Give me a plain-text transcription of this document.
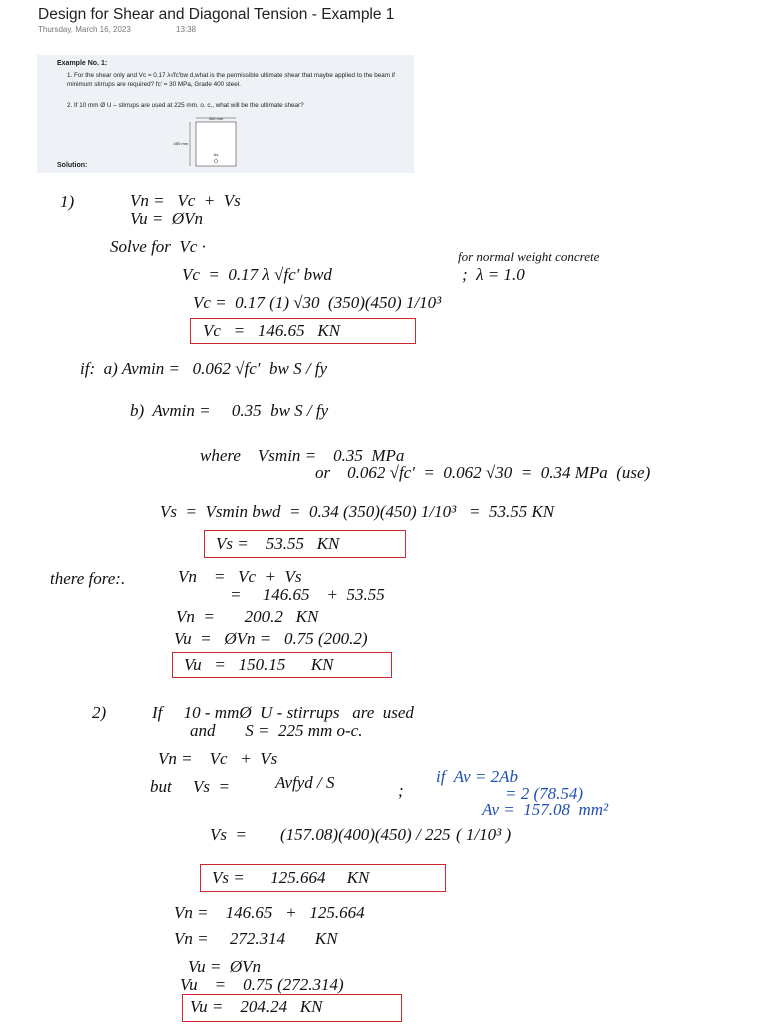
Design for Shear and Diagonal Tension - Example 1
Thursday, March 16, 2023	13:38
Example No. 1:
1. For the shear only and Vc = 0.17 λ√fc′bw d,what is the permissible ultimate shear that maybe applied to the beam if minimum stirrups are required? fc′ = 30 MPa, Grade 400 steel.
2. If 10 mm Ø U – stirrups are used at 225 mm. o. c., what will be the ultimate shear?
350 mm
450 mm
As
Solution:
1)	Vn =   Vc  +  Vs
Vu =  ØVn
Solve for  Vc ·
for normal weight concrete
Vc  =  0.17 λ √fc′ bwd	;  λ = 1.0
Vc =  0.17 (1) √30  (350)(450) 1/10³
Vc   =   146.65   KN
if:  a) Avmin =   0.062 √fc′  bw S / fy
b)  Avmin =     0.35  bw S / fy
where    Vsmin =    0.35  MPa
or    0.062 √fc′  =  0.062 √30  =  0.34 MPa  (use)
Vs  =  Vsmin bwd  =  0.34 (350)(450) 1/10³   =  53.55 KN
Vs =    53.55   KN
there fore:.	Vn    =   Vc  +  Vs
=     146.65    +  53.55
Vn  =       200.2   KN
Vu  =   ØVn =   0.75 (200.2)
Vu   =   150.15      KN
2)	If     10 - mmØ  U - stirrups   are  used
and       S =  225 mm o-c.
Vn =    Vc   +  Vs
but     Vs  =	Avfyd / S	;
if  Av = 2Ab
= 2 (78.54)
Av =  157.08  mm²
Vs  = (157.08)(400)(450) / 225 ( 1/10³ )
Vs =      125.664     KN
Vn =    146.65   +   125.664
Vn =     272.314       KN
Vu =  ØVn
Vu    =    0.75 (272.314)
Vu =    204.24   KN
